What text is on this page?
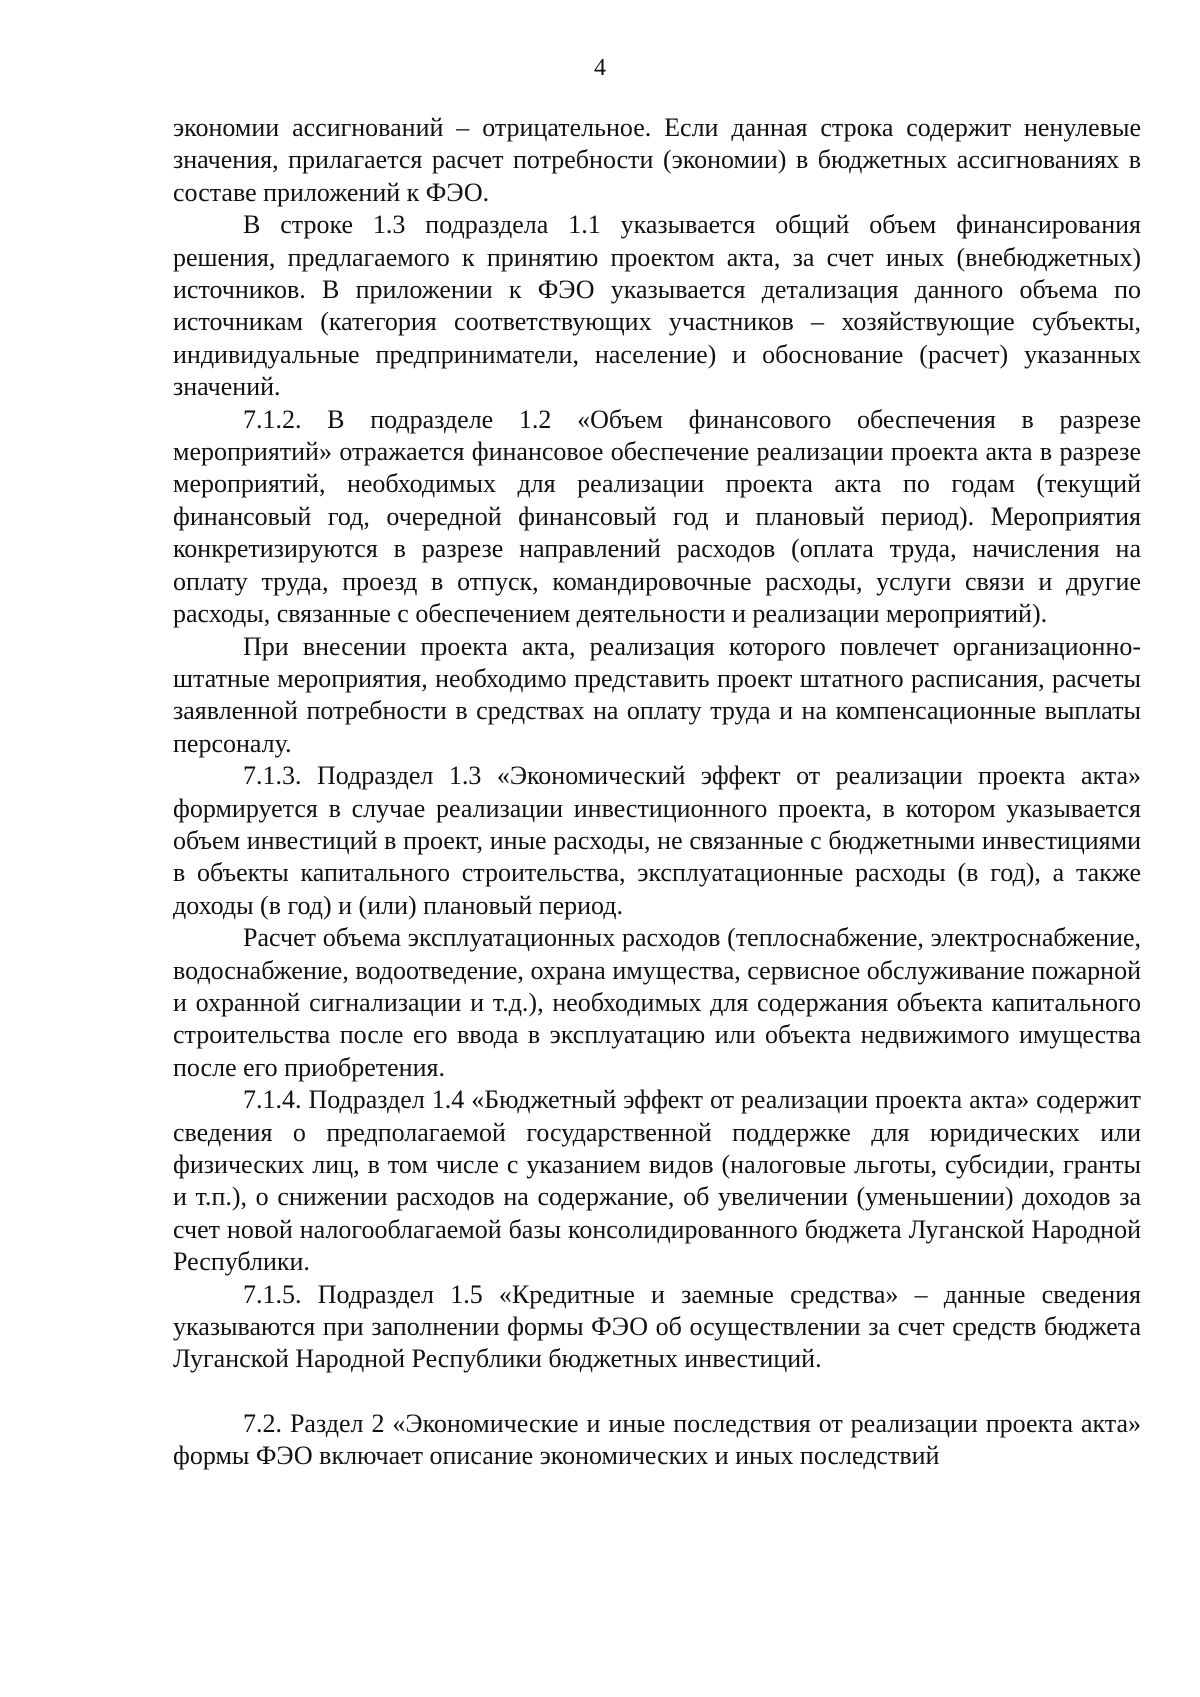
4

экономии ассигнований – отрицательное. Если данная строка содержит ненулевые значения, прилагается расчет потребности (экономии) в бюджетных ассигнованиях в составе приложений к ФЭО.

В строке 1.3 подраздела 1.1 указывается общий объем финансирования решения, предлагаемого к принятию проектом акта, за счет иных (внебюджетных) источников. В приложении к ФЭО указывается детализация данного объема по источникам (категория соответствующих участников – хозяйствующие субъекты, индивидуальные предприниматели, население) и обоснование (расчет) указанных значений.

7.1.2. В подразделе 1.2 «Объем финансового обеспечения в разрезе мероприятий» отражается финансовое обеспечение реализации проекта акта в разрезе мероприятий, необходимых для реализации проекта акта по годам (текущий финансовый год, очередной финансовый год и плановый период). Мероприятия конкретизируются в разрезе направлений расходов (оплата труда, начисления на оплату труда, проезд в отпуск, командировочные расходы, услуги связи и другие расходы, связанные с обеспечением деятельности и реализации мероприятий).

При внесении проекта акта, реализация которого повлечет организационно-штатные мероприятия, необходимо представить проект штатного расписания, расчеты заявленной потребности в средствах на оплату труда и на компенсационные выплаты персоналу.

7.1.3. Подраздел 1.3 «Экономический эффект от реализации проекта акта» формируется в случае реализации инвестиционного проекта, в котором указывается объем инвестиций в проект, иные расходы, не связанные с бюджетными инвестициями в объекты капитального строительства, эксплуатационные расходы (в год), а также доходы (в год) и (или) плановый период.

Расчет объема эксплуатационных расходов (теплоснабжение, электроснабжение, водоснабжение, водоотведение, охрана имущества, сервисное обслуживание пожарной и охранной сигнализации и т.д.), необходимых для содержания объекта капитального строительства после его ввода в эксплуатацию или объекта недвижимого имущества после его приобретения.

7.1.4. Подраздел 1.4 «Бюджетный эффект от реализации проекта акта» содержит сведения о предполагаемой государственной поддержке для юридических или физических лиц, в том числе с указанием видов (налоговые льготы, субсидии, гранты и т.п.), о снижении расходов на содержание, об увеличении (уменьшении) доходов за счет новой налогооблагаемой базы консолидированного бюджета Луганской Народной Республики.

7.1.5. Подраздел 1.5 «Кредитные и заемные средства» – данные сведения указываются при заполнении формы ФЭО об осуществлении за счет средств бюджета Луганской Народной Республики бюджетных инвестиций.

7.2. Раздел 2 «Экономические и иные последствия от реализации проекта акта» формы ФЭО включает описание экономических и иных последствий
